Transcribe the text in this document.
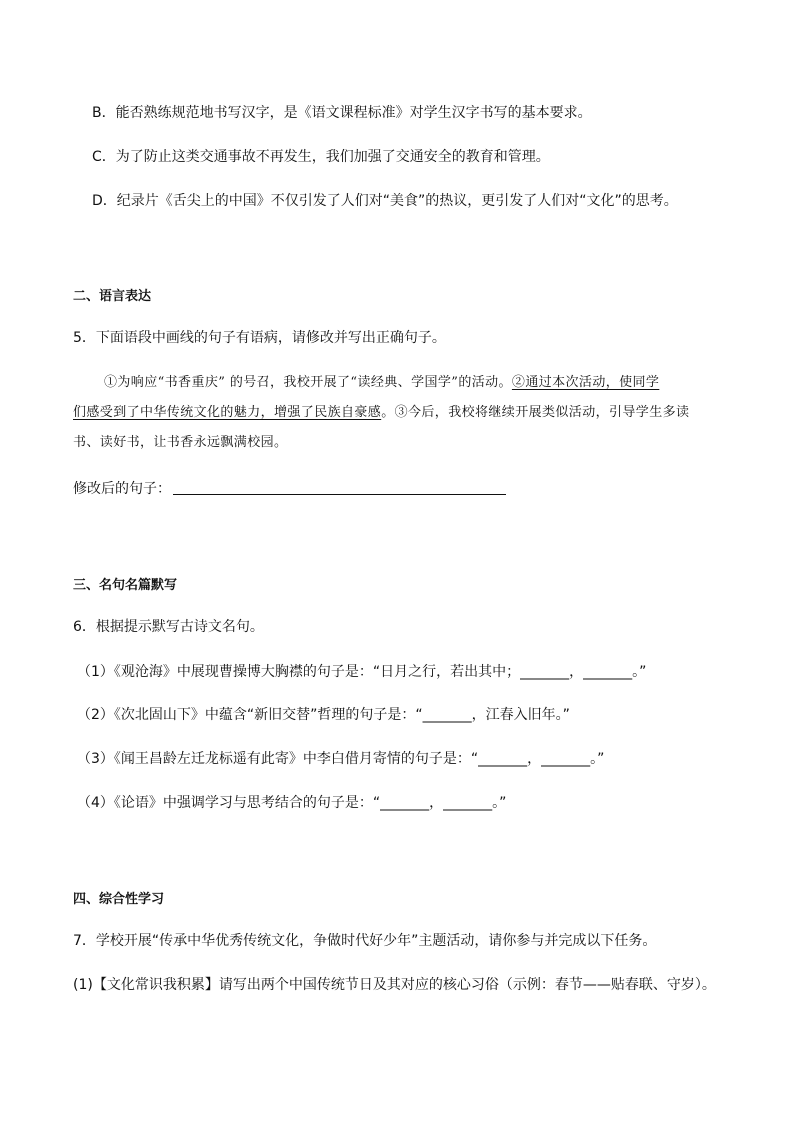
B．能否熟练规范地书写汉字，是《语文课程标准》对学生汉字书写的基本要求。
C．为了防止这类交通事故不再发生，我们加强了交通安全的教育和管理。
D．纪录片《舌尖上的中国》不仅引发了人们对“美食”的热议，更引发了人们对“文化”的思考。
二、语言表达
5．下面语段中画线的句子有语病，请修改并写出正确句子。
①为响应“书香重庆” 的号召，我校开展了“读经典、学国学”的活动。②通过本次活动，使同学
们感受到了中华传统文化的魅力，增强了民族自豪感。③今后，我校将继续开展类似活动，引导学生多读
书、读好书，让书香永远飘满校园。
修改后的句子：
三、名句名篇默写
6．根据提示默写古诗文名句。
（1）《观沧海》中展现曹操博大胸襟的句子是：“日月之行，若出其中；_______，_______。”
（2）《次北固山下》中蕴含“新旧交替”哲理的句子是：“_______，江春入旧年。”
（3）《闻王昌龄左迁龙标遥有此寄》中李白借月寄情的句子是：“_______，_______。”
（4）《论语》中强调学习与思考结合的句子是：“_______，_______。”
四、综合性学习
7．学校开展“传承中华优秀传统文化，争做时代好少年”主题活动，请你参与并完成以下任务。
(1)【文化常识我积累】请写出两个中国传统节日及其对应的核心习俗（示例：春节——贴春联、守岁）。
